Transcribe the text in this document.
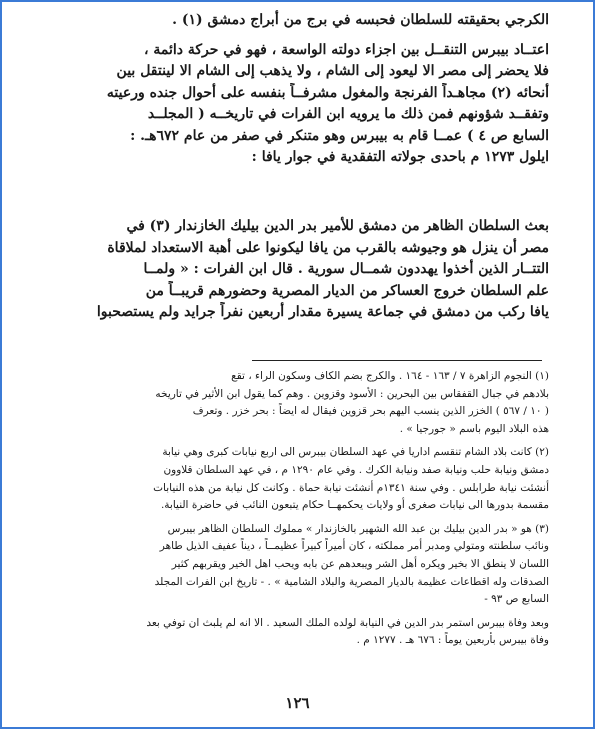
الكرجي بحقيقته للسلطان فحبسه في برج من أبراج دمشق (١) .
اعتــاد بيبرس التنقــل بين اجزاء دولته الواسعة ، فهو في حركة دائمة ،
فلا يحضر إلى مصر الا ليعود إلى الشام ، ولا يذهب إلى الشام الا لينتقل بين
أنحائه (٢) مجاهـداً الفرنجة والمغول مشرفــاً بنفسه على أحوال جنده ورعيته
وتفقــد شؤونهم فمن ذلك ما يرويه ابن الفرات في تاريخــه ( المجلــد
السابع ص ٤ ) عمــا قام به بيبرس وهو متنكر في صفر من عام ٦٧٢هـ. :
ايلول ١٢٧٣ م باحدى جولاته التفقدية في جوار يافا :
بعث السلطان الظاهر من دمشق للأمير بدر الدين بيليك الخازندار (٣) في
مصر أن ينزل هو وجيوشه بالقرب من يافا ليكونوا على أهبة الاستعداد لملاقاة
التتــار الذين أخذوا يهددون شمــال سورية . قال ابن الفرات : « ولمــا
علم السلطان خروج العساكر من الديار المصرية وحضورهم قريبــاً من
يافا ركب من دمشق في جماعة يسيرة مقدار أربعين نفراً جرايد ولم يستصحبوا
(١) النجوم الزاهرة ٧ / ١٦٣ - ١٦٤ . والكرج بضم الكاف وسكون الراء ، تقع
بلادهم في جبال القفقاس بين البحرين : الأسود وقزوين . وهم كما يقول ابن الأثير في تاريخه
( ١٠ / ٥٦٧ ) الخزر الذين ينسب اليهم بحر قزوين فيقال له ايضاً : بحر خزر . وتعرف
هذه البلاد اليوم باسم « جورجيا » .
(٢) كانت بلاد الشام تنقسم اداريا في عهد السلطان بيبرس الى اربع نيابات كبرى وهي نيابة
دمشق ونيابة حلب ونيابة صفد ونيابة الكرك . وفي عام ١٢٩٠ م ، في عهد السلطان قلاوون
أنشئت نيابة طرابلس . وفي سنة ١٣٤١م أنشئت نيابة حماة . وكانت كل نيابة من هذه النيابات
مقسمة بدورها الى نيابات صغرى أو ولايات يحكمهــا حكام يتبعون النائب في حاضرة النيابة.
(٣) هو « بدر الدين بيليك بن عبد الله الشهير بالخازندار » مملوك السلطان الظاهر بيبرس
ونائب سلطنته ومتولي ومدبر أمر مملكته ، كان أميراً كبيراً عظيمــاً ، ديناً عفيف الذيل طاهر
اللسان لا ينطق الا بخير ويكره أهل الشر ويبعدهم عن بابه ويحب اهل الخير ويقربهم كثير
الصدقات وله اقطاعات عظيمة بالديار المصرية والبلاد الشامية » . - تاريخ ابن الفرات المجلد
السابع ص ٩٣ -
وبعد وفاة بيبرس استمر بدر الدين في النيابة لولده الملك السعيد . الا انه لم يلبث ان توفي بعد
وفاة بيبرس بأربعين يوماً : ٦٧٦ هـ . ١٢٧٧ م .
١٢٦
